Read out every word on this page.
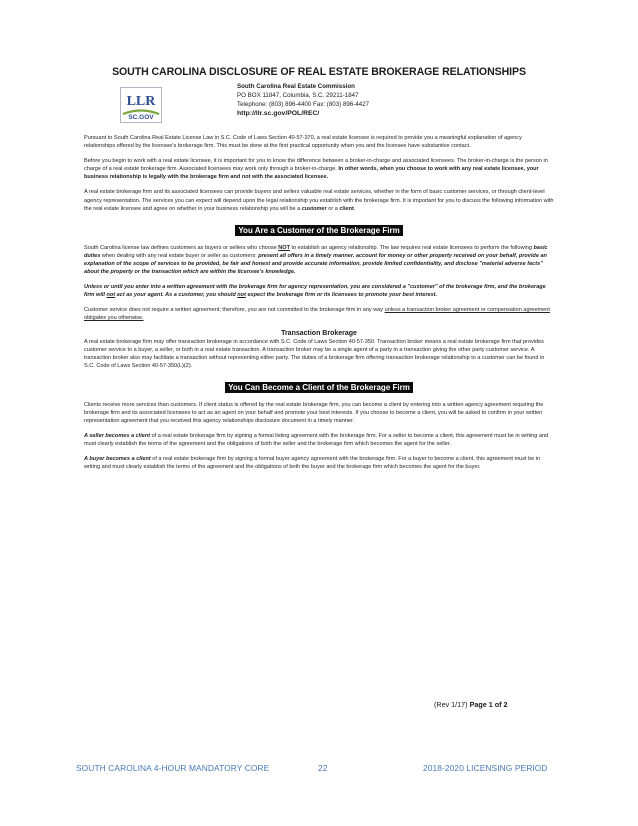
SOUTH CAROLINA DISCLOSURE OF REAL ESTATE BROKERAGE RELATIONSHIPS
LLR
SC.GOV
South Carolina Real Estate Commission
PO BOX 11847, Columbia, S.C. 29211-1847
Telephone: (803) 896-4400 Fax: (803) 896-4427
http://llr.sc.gov/POL/REC/

Pursuant to South Carolina Real Estate License Law in S.C. Code of Laws Section 40-57-370, a real estate licensee is required to provide you a meaningful explanation of agency relationships offered by the licensee's brokerage firm. This must be done at the first practical opportunity when you and the licensee have substantive contact.

Before you begin to work with a real estate licensee, it is important for you to know the difference between a broker-in-charge and associated licensees. The broker-in-charge is the person in charge of a real estate brokerage firm. Associated licensees may work only through a broker-in-charge. In other words, when you choose to work with any real estate licensee, your business relationship is legally with the brokerage firm and not with the associated licensee.

A real estate brokerage firm and its associated licensees can provide buyers and sellers valuable real estate services, whether in the form of basic customer services, or through client-level agency representation. The services you can expect will depend upon the legal relationship you establish with the brokerage firm. It is important for you to discuss the following information with the real estate licensee and agree on whether in your business relationship you will be a customer or a client.

You Are a Customer of the Brokerage Firm

South Carolina license law defines customers as buyers or sellers who choose NOT to establish an agency relationship. The law requires real estate licensees to perform the following basic duties when dealing with any real estate buyer or seller as customers: present all offers in a timely manner, account for money or other property received on your behalf, provide an explanation of the scope of services to be provided, be fair and honest and provide accurate information, provide limited confidentiality, and disclose "material adverse facts" about the property or the transaction which are within the licensee's knowledge.

Unless or until you enter into a written agreement with the brokerage firm for agency representation, you are considered a "customer" of the brokerage firm, and the brokerage firm will not act as your agent. As a customer, you should not expect the brokerage firm or its licensees to promote your best interest.

Customer service does not require a written agreement; therefore, you are not committed to the brokerage firm in any way unless a transaction broker agreement or compensation agreement obligates you otherwise.

Transaction Brokerage

A real estate brokerage firm may offer transaction brokerage in accordance with S.C. Code of Laws Section 40-57-350. Transaction broker means a real estate brokerage firm that provides customer service to a buyer, a seller, or both in a real estate transaction. A transaction broker may be a single agent of a party in a transaction giving the other party customer service. A transaction broker also may facilitate a transaction without representing either party. The duties of a brokerage firm offering transaction brokerage relationship to a customer can be found in S.C. Code of Laws Section 40-57-350(L)(2).

You Can Become a Client of the Brokerage Firm

Clients receive more services than customers. If client status is offered by the real estate brokerage firm, you can become a client by entering into a written agency agreement requiring the brokerage firm and its associated licensees to act as an agent on your behalf and promote your best interests. If you choose to become a client, you will be asked to confirm in your written representation agreement that you received this agency relationships disclosure document in a timely manner.

A seller becomes a client of a real estate brokerage firm by signing a formal listing agreement with the brokerage firm. For a seller to become a client, this agreement must be in writing and must clearly establish the terms of the agreement and the obligations of both the seller and the brokerage firm which becomes the agent for the seller.

A buyer becomes a client of a real estate brokerage firm by signing a formal buyer agency agreement with the brokerage firm. For a buyer to become a client, this agreement must be in writing and must clearly establish the terms of the agreement and the obligations of both the buyer and the brokerage firm which becomes the agent for the buyer.

(Rev 1/17) Page 1 of 2
SOUTH CAROLINA 4-HOUR MANDATORY CORE	22	2018-2020 LICENSING PERIOD
